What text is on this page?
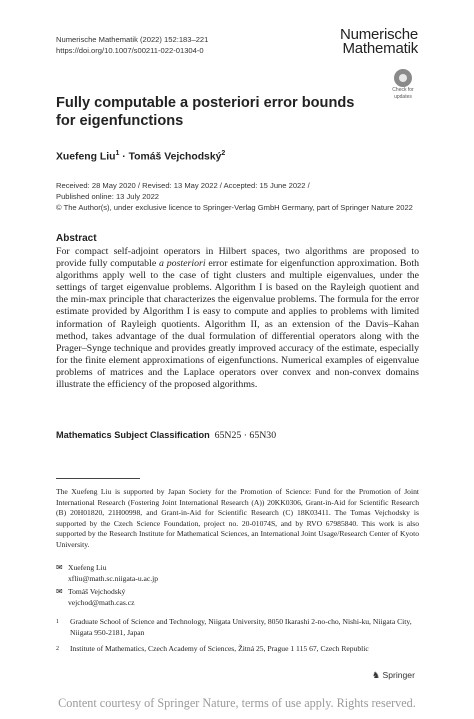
Numerische Mathematik (2022) 152:183–221
https://doi.org/10.1007/s00211-022-01304-0
Numerische
Mathematik
Check for
updates
Fully computable a posteriori error bounds for eigenfunctions
Xuefeng Liu$^1$ · Tomáš Vejchodský$^2$
Received: 28 May 2020 / Revised: 13 May 2022 / Accepted: 15 June 2022 /
Published online: 13 July 2022
© The Author(s), under exclusive licence to Springer-Verlag GmbH Germany, part of Springer Nature 2022
Abstract
For compact self-adjoint operators in Hilbert spaces, two algorithms are proposed to provide fully computable a posteriori error estimate for eigenfunction approximation. Both algorithms apply well to the case of tight clusters and multiple eigenvalues, under the settings of target eigenvalue problems. Algorithm I is based on the Rayleigh quotient and the min-max principle that characterizes the eigenvalue problems. The formula for the error estimate provided by Algorithm I is easy to compute and applies to problems with limited information of Rayleigh quotients. Algorithm II, as an extension of the Davis–Kahan method, takes advantage of the dual formulation of differential operators along with the Prager–Synge technique and provides greatly improved accuracy of the estimate, especially for the finite element approximations of eigenfunctions. Numerical examples of eigenvalue problems of matrices and the Laplace operators over convex and non-convex domains illustrate the efficiency of the proposed algorithms.
Mathematics Subject Classification 65N25 · 65N30
The Xuefeng Liu is supported by Japan Society for the Promotion of Science: Fund for the Promotion of Joint International Research (Fostering Joint International Research (A)) 20KK0306, Grant-in-Aid for Scientific Research (B) 20H01820, 21H00998, and Grant-in-Aid for Scientific Research (C) 18K03411. The Tomas Vejchodsky is supported by the Czech Science Foundation, project no. 20-01074S, and by RVO 67985840. This work is also supported by the Research Institute for Mathematical Sciences, an International Joint Usage/Research Center of Kyoto University.
✉ Xuefeng Liu
xfliu@math.sc.niigata-u.ac.jp
✉ Tomáš Vejchodský
vejchod@math.cas.cz
1 Graduate School of Science and Technology, Niigata University, 8050 Ikarashi 2-no-cho, Nishi-ku, Niigata City, Niigata 950-2181, Japan
2 Institute of Mathematics, Czech Academy of Sciences, Žitná 25, Prague 1 115 67, Czech Republic
♞ Springer
Content courtesy of Springer Nature, terms of use apply. Rights reserved.
